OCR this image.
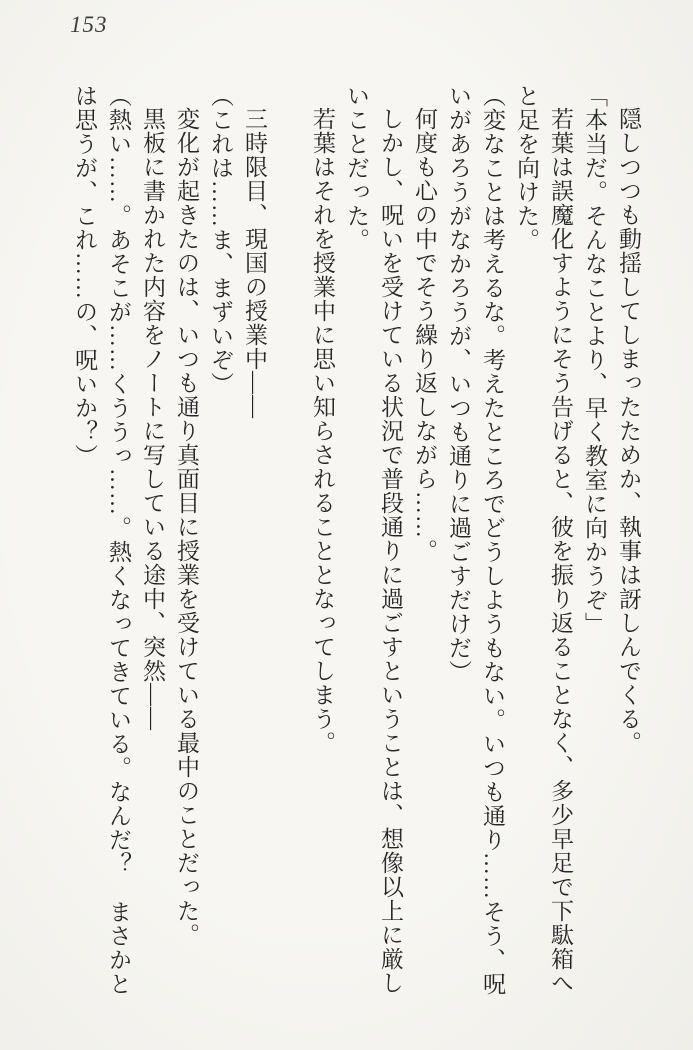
153

隠しつつも動揺してしまったためか、執事は訝しんでくる。

「本当だ。そんなことより、早く教室に向かうぞ」

若葉は誤魔化すようにそう告げると、彼を振り返ることなく、多少早足で下駄箱へと足を向けた。

（変なことは考えるな。考えたところでどうしようもない。いつも通り……そう、呪いがあろうがなかろうが、いつも通りに過ごすだけだ）

何度も心の中でそう繰り返しながら……。

しかし、呪いを受けている状況で普段通りに過ごすということは、想像以上に厳しいことだった。

若葉はそれを授業中に思い知らされることとなってしまう。

三時限目、現国の授業中――

（これは……ま、まずいぞ）

変化が起きたのは、いつも通り真面目に授業を受けている最中のことだった。

黒板に書かれた内容をノートに写している途中、突然――

（熱い……。あそこが……くううっ……。熱くなってきている。なんだ？　まさかとは思うが、これ……の、呪いか？）
